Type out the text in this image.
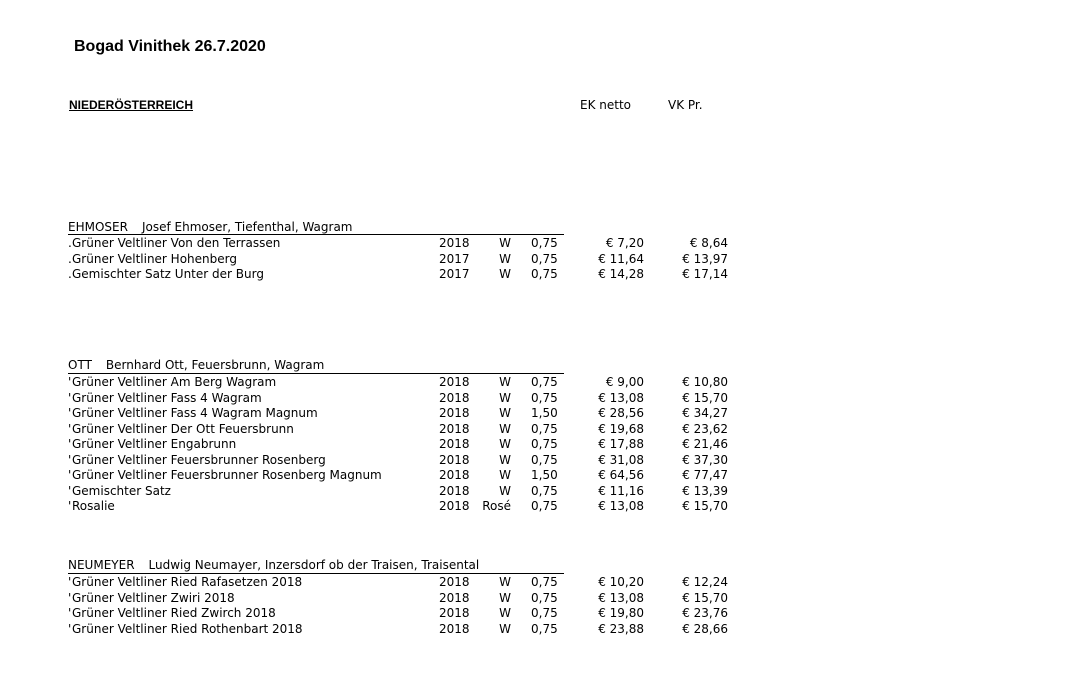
Bogad Vinithek 26.7.2020
NIEDERÖSTERREICH	EK netto	VK Pr.
EHMOSER Josef Ehmoser, Tiefenthal, Wagram
. Grüner Veltliner Von den Terrassen	2018 W 0,75	€ 7,20	€ 8,64
. Grüner Veltliner Hohenberg	2017 W 0,75	€ 11,64	€ 13,97
. Gemischter Satz Unter der Burg	2017 W 0,75	€ 14,28	€ 17,14
OTT Bernhard Ott, Feuersbrunn, Wagram
' Grüner Veltliner Am Berg Wagram	2018 W 0,75	€ 9,00	€ 10,80
' Grüner Veltliner Fass 4 Wagram	2018 W 0,75	€ 13,08	€ 15,70
' Grüner Veltliner Fass 4 Wagram Magnum	2018 W 1,50	€ 28,56	€ 34,27
' Grüner Veltliner Der Ott Feuersbrunn	2018 W 0,75	€ 19,68	€ 23,62
' Grüner Veltliner Engabrunn	2018 W 0,75	€ 17,88	€ 21,46
' Grüner Veltliner Feuersbrunner Rosenberg	2018 W 0,75	€ 31,08	€ 37,30
' Grüner Veltliner Feuersbrunner Rosenberg Magnum	2018 W 1,50	€ 64,56	€ 77,47
' Gemischter Satz	2018 W 0,75	€ 11,16	€ 13,39
' Rosalie	2018 Rosé 0,75	€ 13,08	€ 15,70
NEUMEYER Ludwig Neumayer, Inzersdorf ob der Traisen, Traisental
' Grüner Veltliner Ried Rafasetzen 2018	2018 W 0,75	€ 10,20	€ 12,24
' Grüner Veltliner Zwiri 2018	2018 W 0,75	€ 13,08	€ 15,70
' Grüner Veltliner Ried Zwirch 2018	2018 W 0,75	€ 19,80	€ 23,76
' Grüner Veltliner Ried Rothenbart 2018	2018 W 0,75	€ 23,88	€ 28,66
